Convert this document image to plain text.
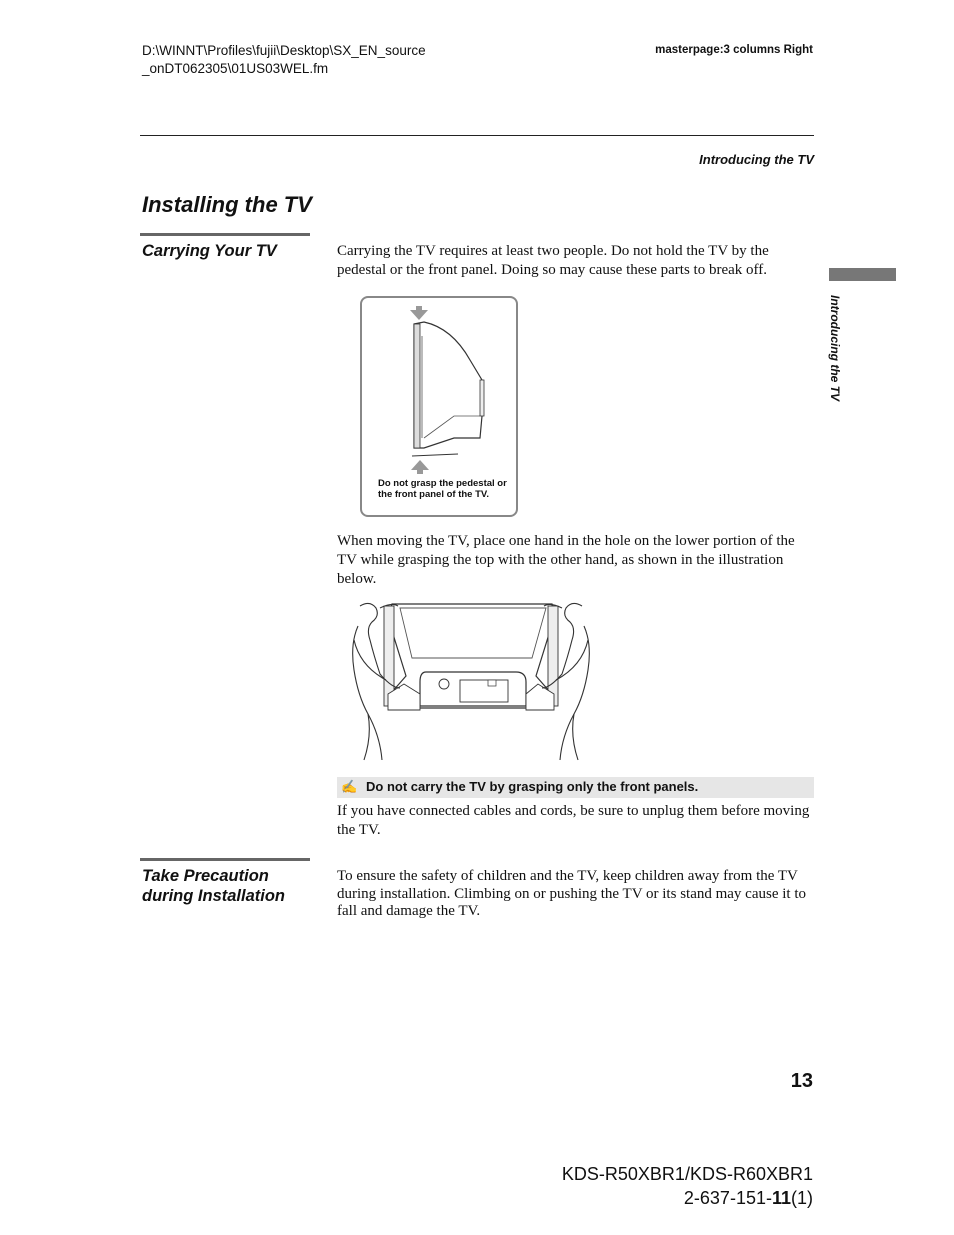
D:\WINNT\Profiles\fujii\Desktop\SX_EN_source
_onDT062305\01US03WEL.fm
masterpage:3 columns Right
Introducing the TV
Installing the TV
Carrying Your TV	Carrying the TV requires at least two people. Do not hold the TV by the pedestal or the front panel. Doing so may cause these parts to break off.

Do not grasp the pedestal or the front panel of the TV.

When moving the TV, place one hand in the hole on the lower portion of the TV while grasping the top with the other hand, as shown in the illustration below.

✍ Do not carry the TV by grasping only the front panels.

If you have connected cables and cords, be sure to unplug them before moving the TV.

Take Precaution
during Installation

To ensure the safety of children and the TV, keep children away from the TV during installation. Climbing on or pushing the TV or its stand may cause it to fall and damage the TV.

Introducing the TV
13
KDS-R50XBR1/KDS-R60XBR1
2-637-151-11(1)
